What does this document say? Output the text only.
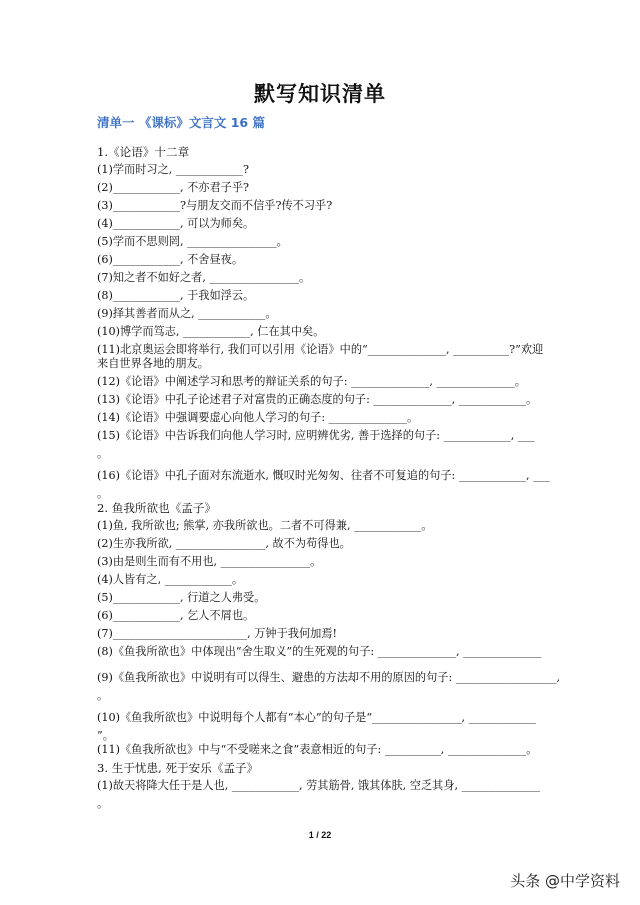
默写知识清单
清单一 《课标》文言文 16 篇
1.《论语》十二章
(1)学而时习之, ____________?
(2)____________, 不亦君子乎?
(3)____________?与朋友交而不信乎?传不习乎?
(4)____________, 可以为师矣。
(5)学而不思则罔, ________________。
(6)____________, 不舍昼夜。
(7)知之者不如好之者, ________________。
(8)____________, 于我如浮云。
(9)择其善者而从之, ____________。
(10)博学而笃志, ____________, 仁在其中矣。
(11)北京奥运会即将举行, 我们可以引用《论语》中的“______________, __________?”欢迎来自世界各地的朋友。
(12)《论语》中阐述学习和思考的辩证关系的句子: ______________, ______________。
(13)《论语》中孔子论述君子对富贵的正确态度的句子: ______________, ____________。
(14)《论语》中强调要虚心向他人学习的句子: ______________。
(15)《论语》中告诉我们向他人学习时, 应明辨优劣, 善于选择的句子: ____________, ___
。
(16)《论语》中孔子面对东流逝水, 慨叹时光匆匆、往者不可复追的句子: ____________, ___
。
2. 鱼我所欲也《孟子》
(1)鱼, 我所欲也; 熊掌, 亦我所欲也。二者不可得兼, ____________。
(2)生亦我所欲, ________________, 故不为苟得也。
(3)由是则生而有不用也, ________________。
(4)人皆有之, ____________。
(5)____________, 行道之人弗受。
(6)____________, 乞人不屑也。
(7)________________________, 万钟于我何加焉!
(8)《鱼我所欲也》中体现出“舍生取义”的生死观的句子: ______________, ______________
(9)《鱼我所欲也》中说明有可以得生、避患的方法却不用的原因的句子: __________________,
。
(10)《鱼我所欲也》中说明每个人都有“本心”的句子是“________________, ____________
”。
(11)《鱼我所欲也》中与“不受嗟来之食”表意相近的句子: __________, ______________。
3. 生于忧患, 死于安乐《孟子》
(1)故天将降大任于是人也, ____________, 劳其筋骨, 饿其体肤, 空乏其身, ______________
。
1 / 22
头条 @中学资料
